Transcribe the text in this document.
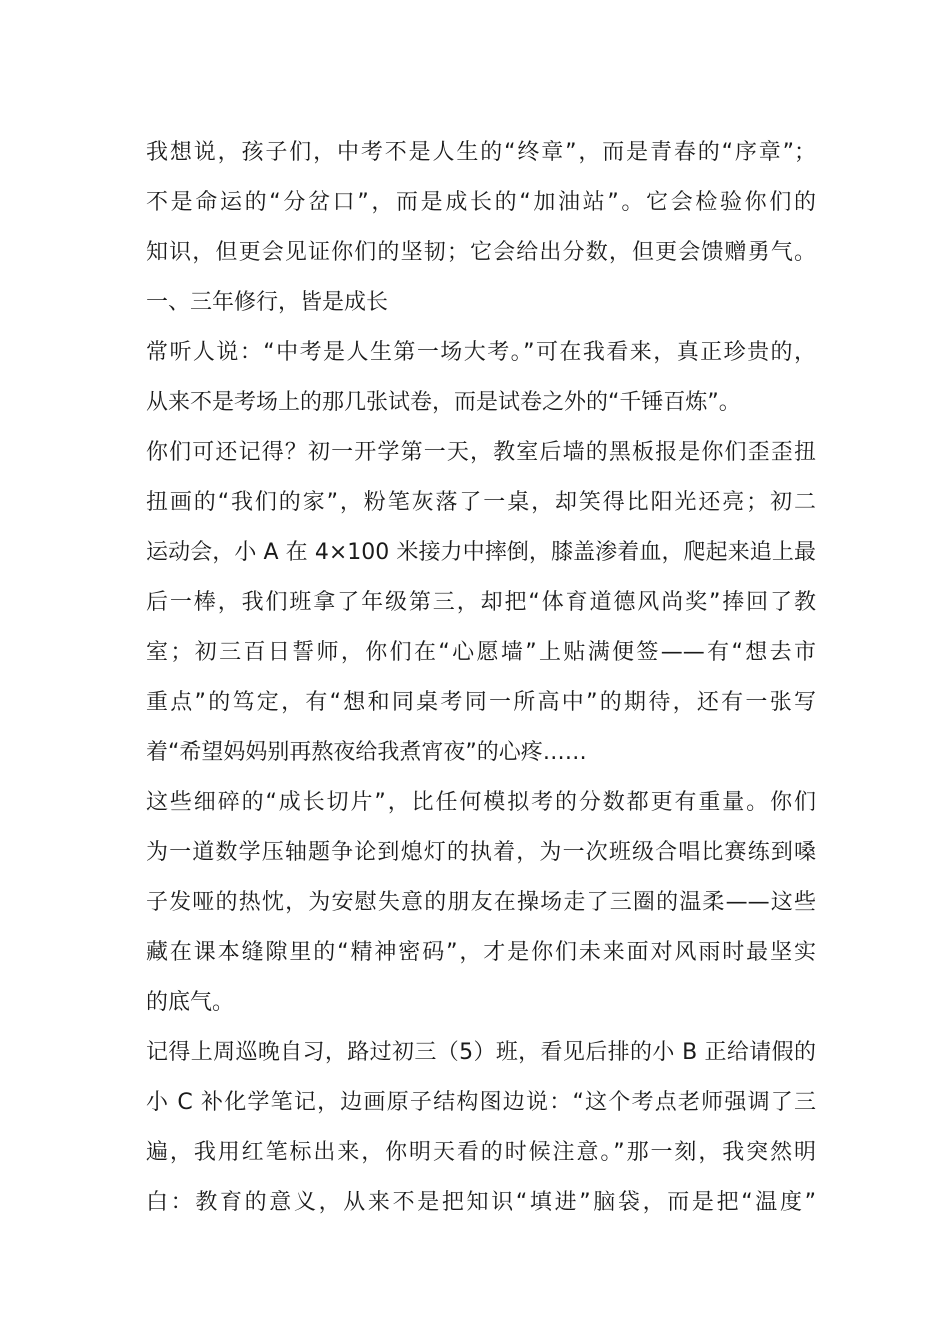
我想说，孩子们，中考不是人生的“终章”，而是青春的“序章”；
不是命运的“分岔口”，而是成长的“加油站”。它会检验你们的
知识，但更会见证你们的坚韧；它会给出分数，但更会馈赠勇气。
一、三年修行，皆是成长
常听人说：“中考是人生第一场大考。”可在我看来，真正珍贵的，
从来不是考场上的那几张试卷，而是试卷之外的“千锤百炼”。
你们可还记得？初一开学第一天，教室后墙的黑板报是你们歪歪扭
扭画的“我们的家”，粉笔灰落了一桌，却笑得比阳光还亮；初二
运动会，小 A 在 4×100 米接力中摔倒，膝盖渗着血，爬起来追上最
后一棒，我们班拿了年级第三，却把“体育道德风尚奖”捧回了教
室；初三百日誓师，你们在“心愿墙”上贴满便签——有“想去市
重点”的笃定，有“想和同桌考同一所高中”的期待，还有一张写
着“希望妈妈别再熬夜给我煮宵夜”的心疼……
这些细碎的“成长切片”，比任何模拟考的分数都更有重量。你们
为一道数学压轴题争论到熄灯的执着，为一次班级合唱比赛练到嗓
子发哑的热忱，为安慰失意的朋友在操场走了三圈的温柔——这些
藏在课本缝隙里的“精神密码”，才是你们未来面对风雨时最坚实
的底气。
记得上周巡晚自习，路过初三（5）班，看见后排的小 B 正给请假的
小 C 补化学笔记，边画原子结构图边说：“这个考点老师强调了三
遍，我用红笔标出来，你明天看的时候注意。”那一刻，我突然明
白：教育的意义，从来不是把知识“填进”脑袋，而是把“温度”
